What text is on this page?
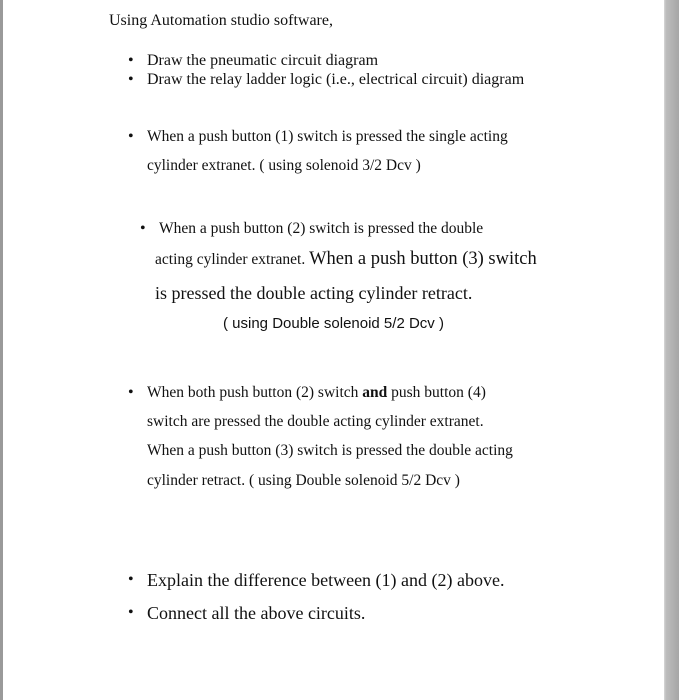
Using Automation studio software,
• Draw the pneumatic circuit diagram
• Draw the relay ladder logic (i.e., electrical circuit) diagram
• When a push button (1) switch is pressed the single acting
cylinder extranet. ( using solenoid 3/2 Dcv )
• When a push button (2) switch is pressed the double
acting cylinder extranet. When a push button (3) switch
is pressed the double acting cylinder retract.
( using Double solenoid 5/2 Dcv )
• When both push button (2) switch and push button (4)
switch are pressed the double acting cylinder extranet.
When a push button (3) switch is pressed the double acting
cylinder retract. ( using Double solenoid 5/2 Dcv )
• Explain the difference between (1) and (2) above.
• Connect all the above circuits.
